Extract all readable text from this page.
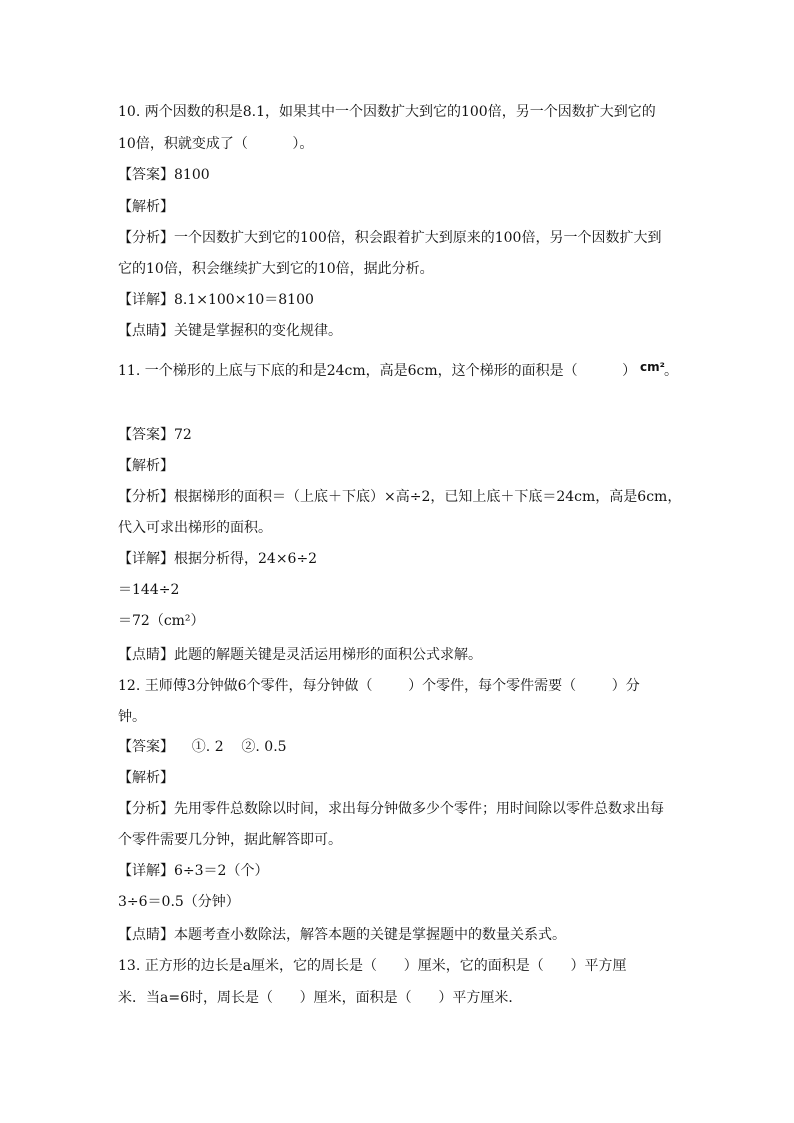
10. 两个因数的积是8.1，如果其中一个因数扩大到它的100倍，另一个因数扩大到它的
10倍，积就变成了（          ）。
【答案】8100
【解析】
【分析】一个因数扩大到它的100倍，积会跟着扩大到原来的100倍，另一个因数扩大到
它的10倍，积会继续扩大到它的10倍，据此分析。
【详解】8.1×100×10＝8100
【点睛】关键是掌握积的变化规律。
11. 一个梯形的上底与下底的和是24cm，高是6cm，这个梯形的面积是（          ） cm² 。
【答案】72
【解析】
【分析】根据梯形的面积＝（上底＋下底）×高÷2，已知上底＋下底＝24cm，高是6cm，
代入可求出梯形的面积。
【详解】根据分析得，24×6÷2
＝144÷2
＝72（cm²）
【点睛】此题的解题关键是灵活运用梯形的面积公式求解。
12. 王师傅3分钟做6个零件，每分钟做（        ）个零件，每个零件需要（        ）分
钟。
【答案】    ①. 2    ②. 0.5
【解析】
【分析】先用零件总数除以时间，求出每分钟做多少个零件；用时间除以零件总数求出每
个零件需要几分钟，据此解答即可。
【详解】6÷3＝2（个）
3÷6＝0.5（分钟）
【点睛】本题考查小数除法，解答本题的关键是掌握题中的数量关系式。
13. 正方形的边长是a厘米，它的周长是（      ）厘米，它的面积是（      ）平方厘
米．当a=6时，周长是（      ）厘米，面积是（      ）平方厘米．
